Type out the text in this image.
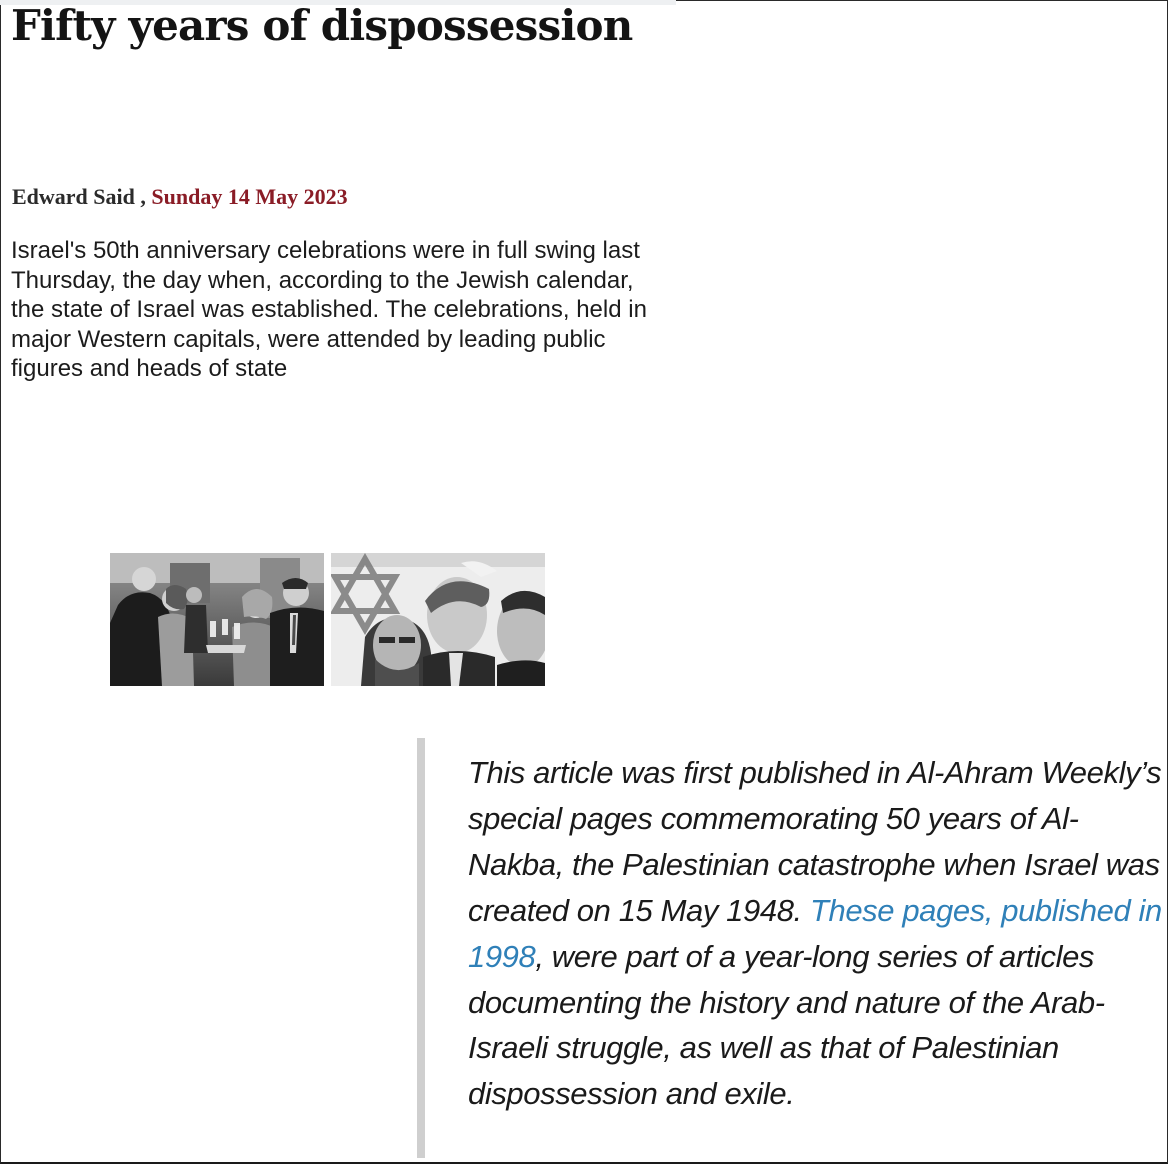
Fifty years of dispossession
Edward Said , Sunday 14 May 2023

Israel's 50th anniversary celebrations were in full swing last Thursday, the day when, according to the Jewish calendar, the state of Israel was established. The celebrations, held in major Western capitals, were attended by leading public figures and heads of state

This article was first published in Al-Ahram Weekly’s special pages commemorating 50 years of Al-Nakba, the Palestinian catastrophe when Israel was created on 15 May 1948. These pages, published in 1998, were part of a year-long series of articles documenting the history and nature of the Arab-Israeli struggle, as well as that of Palestinian dispossession and exile.
